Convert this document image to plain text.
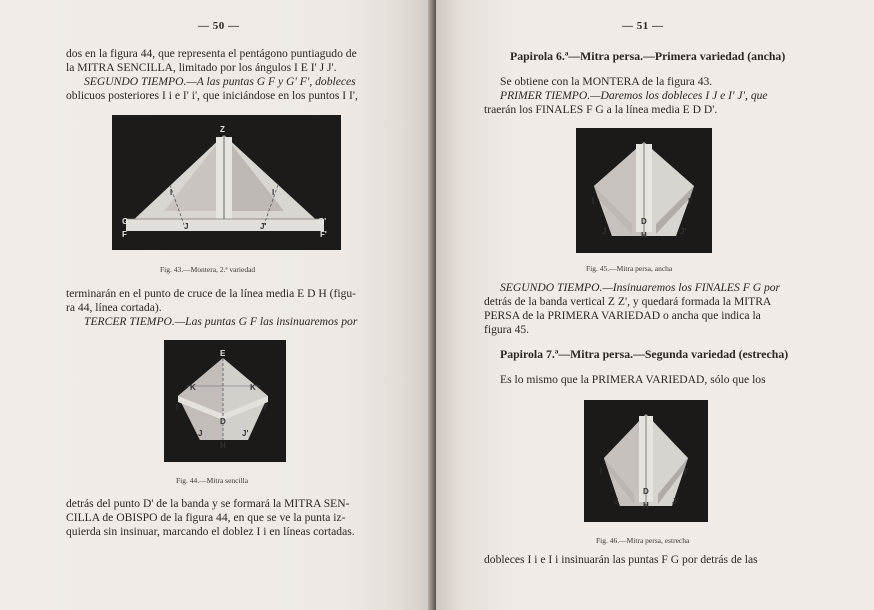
— 50 —
dos en la figura 44, que representa el pentágono puntiagudo de
la MITRA SENCILLA, limitado por los ángulos I E I' J J'.
SEGUNDO TIEMPO.—A las puntas G F y G' F', dobleces
oblicuos posteriores I i e I' i', que iniciándose en los puntos I I',
Z
I	I
G	G'
F	F'
J	J'
Fig. 43.—Montera, 2.ª variedad
terminarán en el punto de cruce de la línea media E D H (figu-
ra 44, línea cortada).
TERCER TIEMPO.—Las puntas G F las insinuaremos por
E
K	K'
I	I'
D
J	J'
H
Fig. 44.—Mitra sencilla
detrás del punto D' de la banda y se formará la MITRA SEN-
CILLA de OBISPO de la figura 44, en que se ve la punta iz-
quierda sin insinuar, marcando el doblez I i en líneas cortadas.
— 51 —
Papirola 6.ª—Mitra persa.—Primera variedad (ancha)
Se obtiene con la MONTERA de la figura 43.
PRIMER TIEMPO.—Daremos los dobleces I J e I' J', que
traerán los FINALES F G a la línea media E D D'.
I	I'
D
H
J	J'
Fig. 45.—Mitra persa, ancha
SEGUNDO TIEMPO.—Insinuaremos los FINALES F G por
detrás de la banda vertical Z Z', y quedará formada la MITRA
PERSA de la PRIMERA VARIEDAD o ancha que indica la
figura 45.
Papirola 7.ª—Mitra persa.—Segunda variedad (estrecha)
Es lo mismo que la PRIMERA VARIEDAD, sólo que los
I	I'
J	J'
D
H
Fig. 46.—Mitra persa, estrecha
dobleces I i e I i insinuarán las puntas F G por detrás de las
